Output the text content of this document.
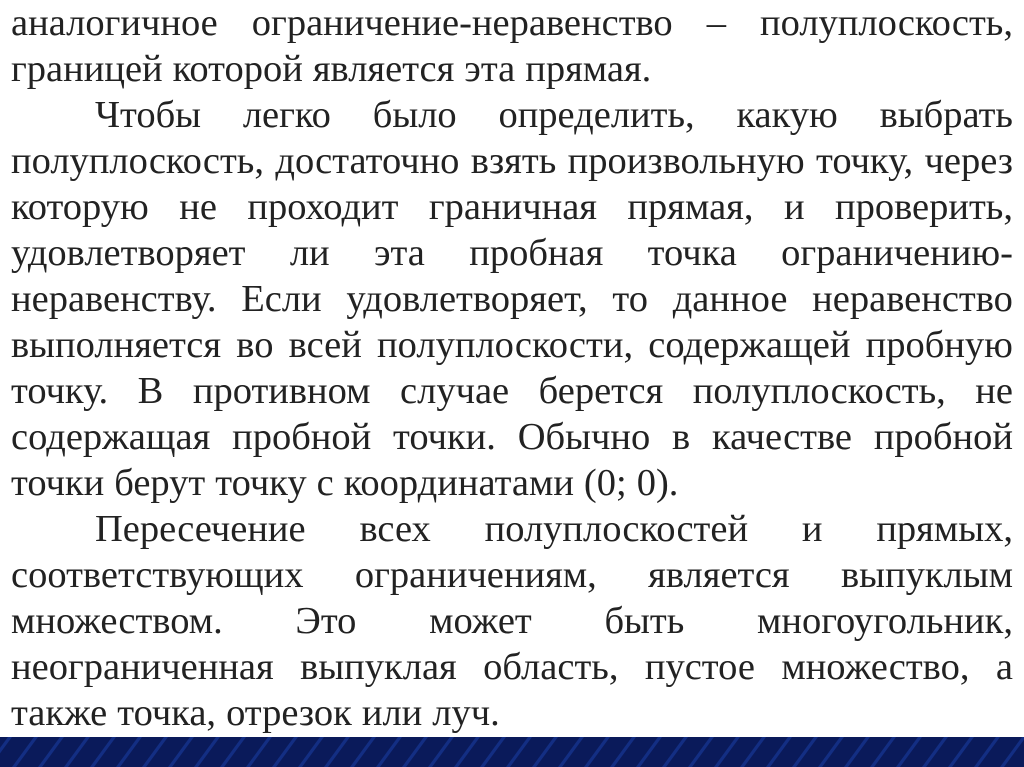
аналогичное ограничение-неравенство – полуплоскость,
границей которой является эта прямая.
Чтобы легко было определить, какую выбрать
полуплоскость, достаточно взять произвольную точку, через
которую не проходит граничная прямая, и проверить,
удовлетворяет ли эта пробная точка ограничению-
неравенству. Если удовлетворяет, то данное неравенство
выполняется во всей полуплоскости, содержащей пробную
точку. В противном случае берется полуплоскость, не
содержащая пробной точки. Обычно в качестве пробной
точки берут точку с координатами (0; 0).
Пересечение всех полуплоскостей и прямых,
соответствующих ограничениям, является выпуклым
множеством. Это может быть многоугольник,
неограниченная выпуклая область, пустое множество, а
также точка, отрезок или луч.
